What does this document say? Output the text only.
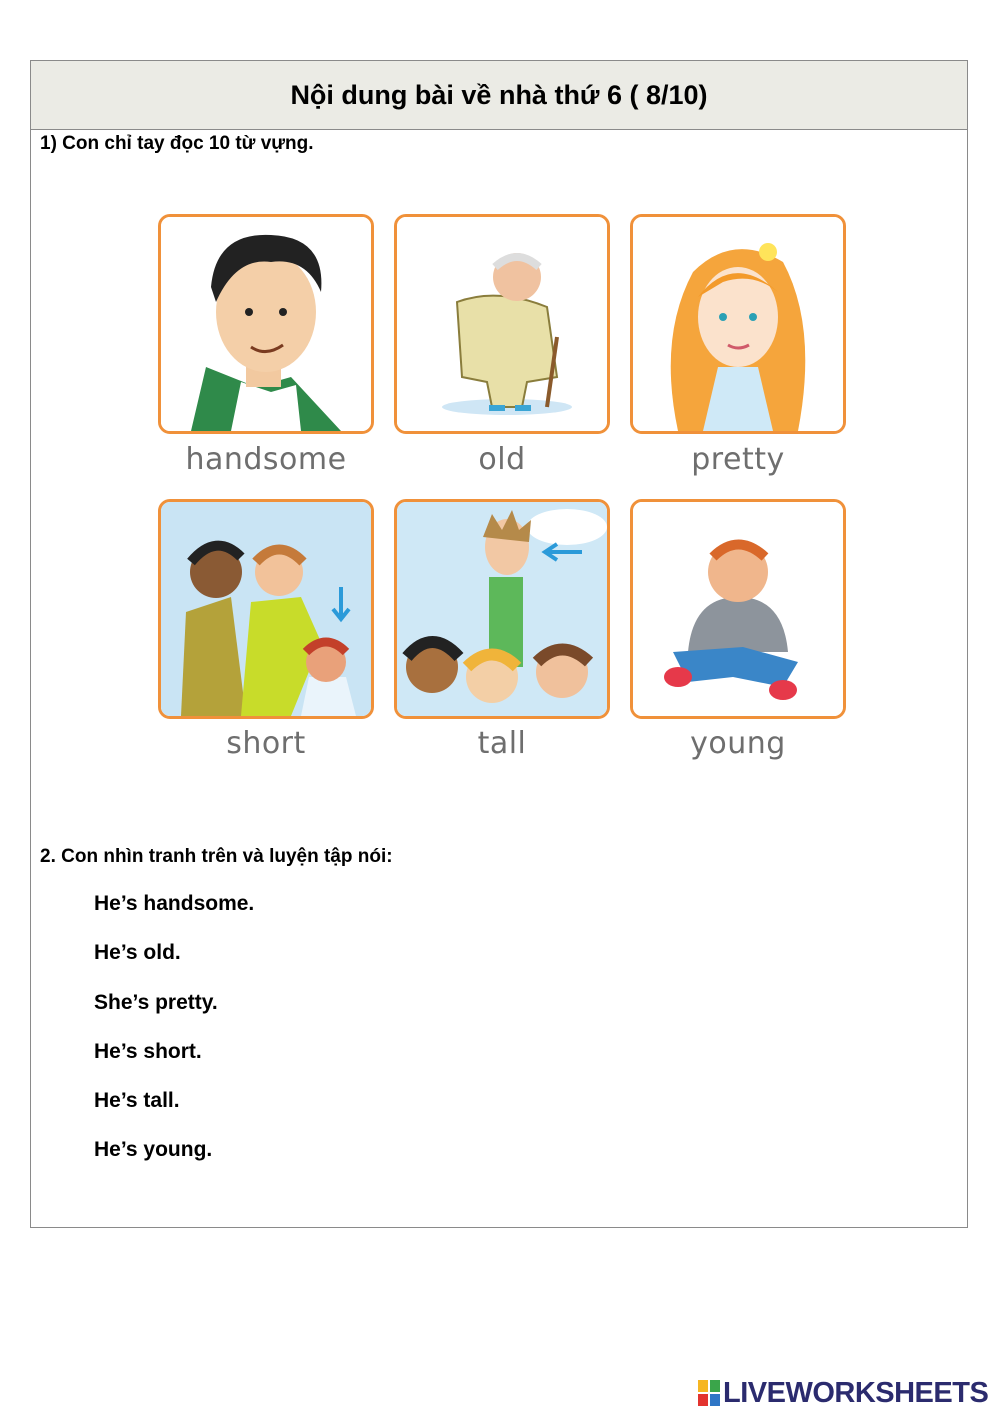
Nội dung bài về nhà thứ 6 ( 8/10)
1) Con chỉ tay đọc 10 từ vựng.
handsome	old	pretty
short	tall	young
2. Con nhìn tranh trên và luyện tập nói:
He’s handsome.
He’s old.
She’s pretty.
He’s short.
He’s tall.
He’s young.
LIVEWORKSHEETS
